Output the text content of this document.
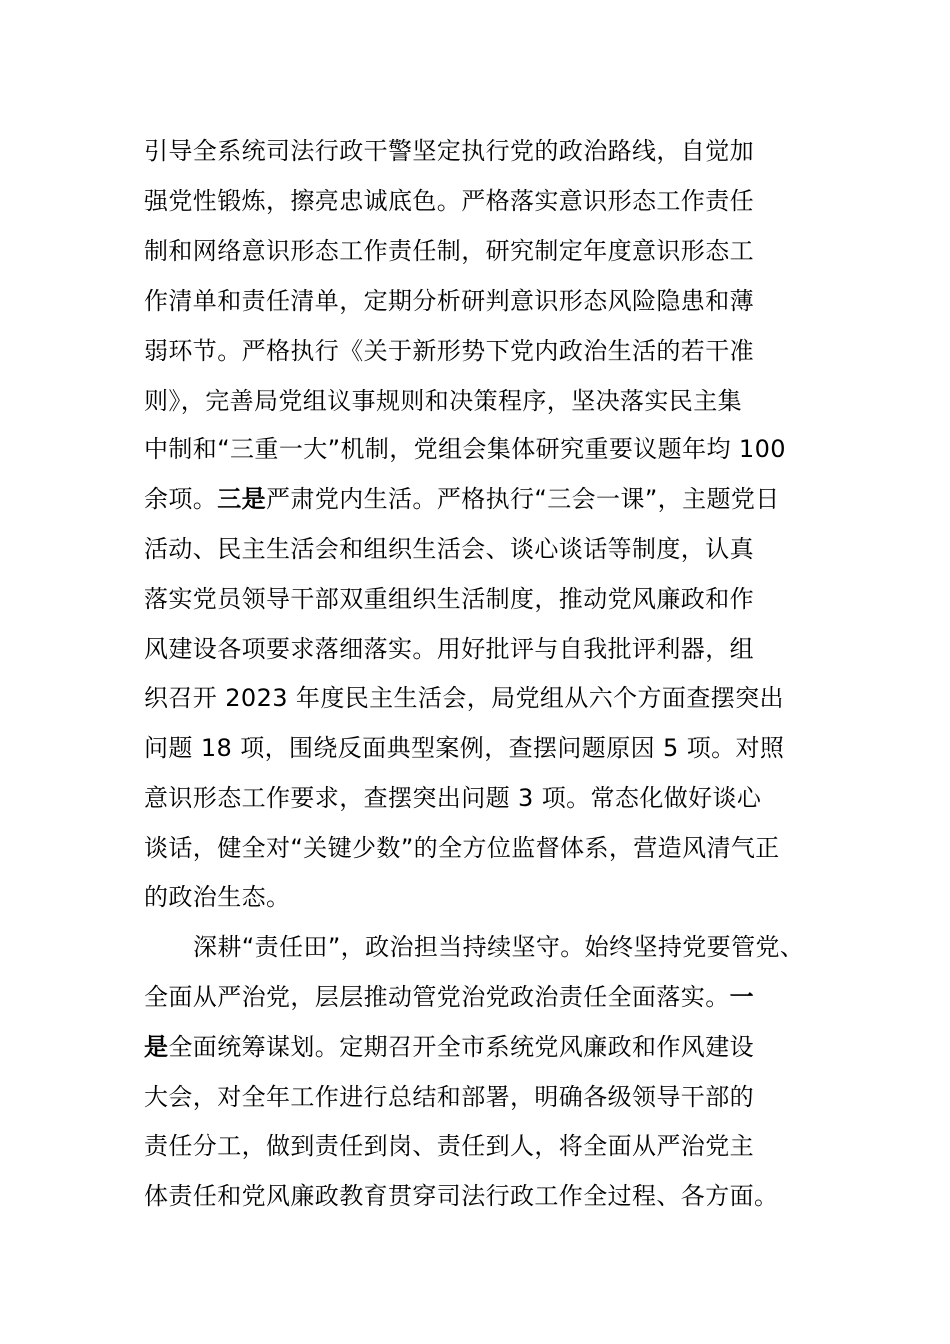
引导全系统司法行政干警坚定执行党的政治路线，自觉加
强党性锻炼，擦亮忠诚底色。严格落实意识形态工作责任
制和网络意识形态工作责任制，研究制定年度意识形态工
作清单和责任清单，定期分析研判意识形态风险隐患和薄
弱环节。严格执行《关于新形势下党内政治生活的若干准
则》，完善局党组议事规则和决策程序，坚决落实民主集
中制和“三重一大”机制，党组会集体研究重要议题年均 100
余项。三是严肃党内生活。严格执行“三会一课”，主题党日
活动、民主生活会和组织生活会、谈心谈话等制度，认真
落实党员领导干部双重组织生活制度，推动党风廉政和作
风建设各项要求落细落实。用好批评与自我批评利器，组
织召开 2023 年度民主生活会，局党组从六个方面查摆突出
问题 18 项，围绕反面典型案例，查摆问题原因 5 项。对照
意识形态工作要求，查摆突出问题 3 项。常态化做好谈心
谈话，健全对“关键少数”的全方位监督体系，营造风清气正
的政治生态。
深耕“责任田”，政治担当持续坚守。始终坚持党要管党、
全面从严治党，层层推动管党治党政治责任全面落实。一
是全面统筹谋划。定期召开全市系统党风廉政和作风建设
大会，对全年工作进行总结和部署，明确各级领导干部的
责任分工，做到责任到岗、责任到人，将全面从严治党主
体责任和党风廉政教育贯穿司法行政工作全过程、各方面。
